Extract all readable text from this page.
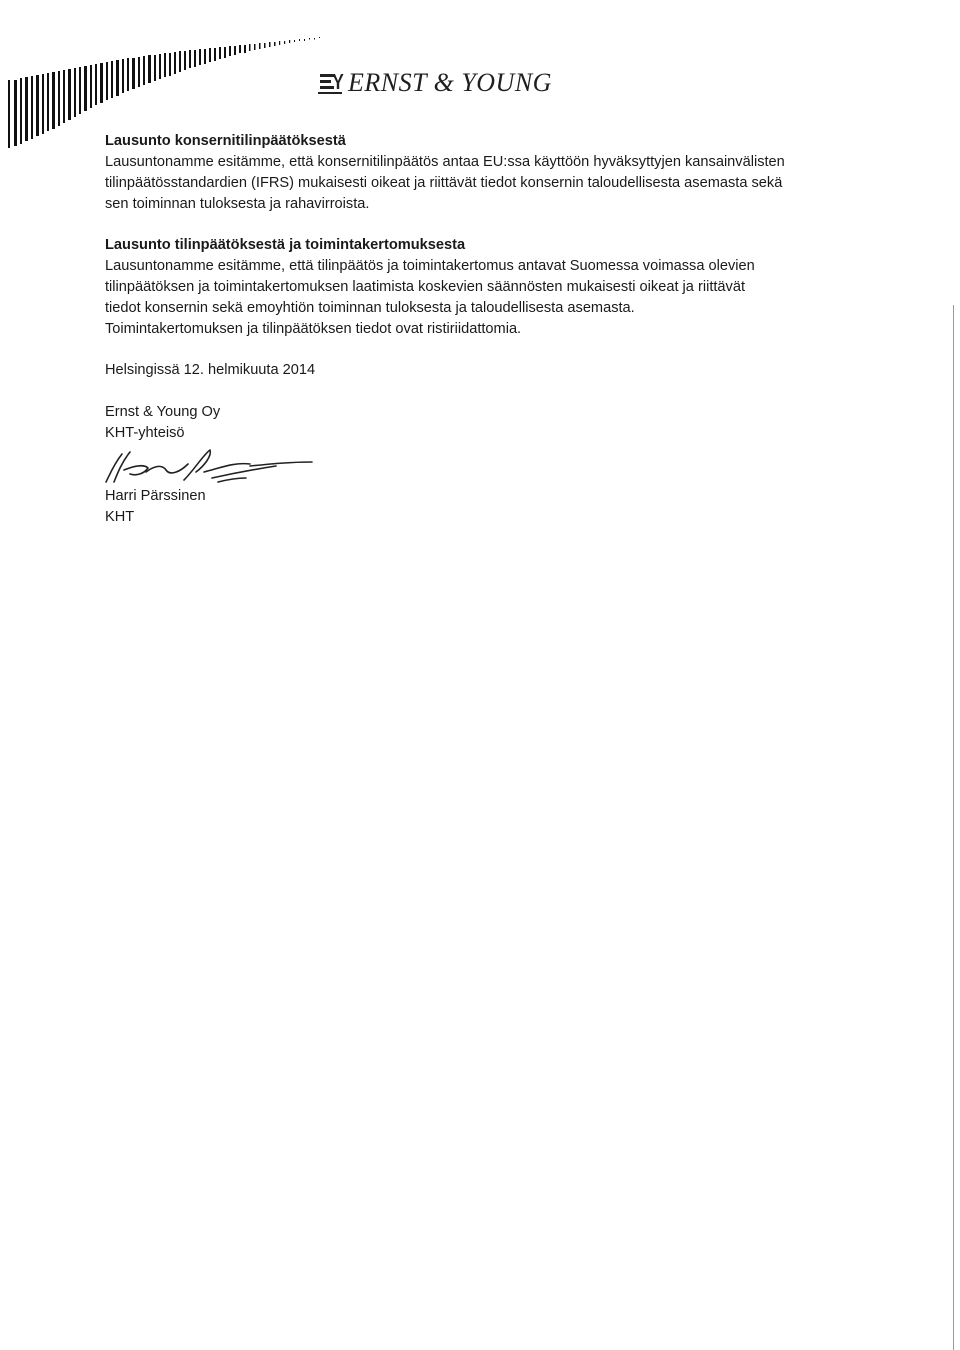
ERNST & YOUNG

Lausunto konsernitilinpäätöksestä

Lausuntonamme esitämme, että konsernitilinpäätös antaa EU:ssa käyttöön hyväksyttyjen kansainvälisten
tilinpäätösstandardien (IFRS) mukaisesti oikeat ja riittävät tiedot konsernin taloudellisesta asemasta sekä
sen toiminnan tuloksesta ja rahavirroista.

Lausunto tilinpäätöksestä ja toimintakertomuksesta

Lausuntonamme esitämme, että tilinpäätös ja toimintakertomus antavat Suomessa voimassa olevien
tilinpäätöksen ja toimintakertomuksen laatimista koskevien säännösten mukaisesti oikeat ja riittävät
tiedot konsernin sekä emoyhtiön toiminnan tuloksesta ja taloudellisesta asemasta.
Toimintakertomuksen ja tilinpäätöksen tiedot ovat ristiriidattomia.

Helsingissä 12. helmikuuta 2014

Ernst & Young Oy

KHT-yhteisö

Harri Pärssinen

KHT
